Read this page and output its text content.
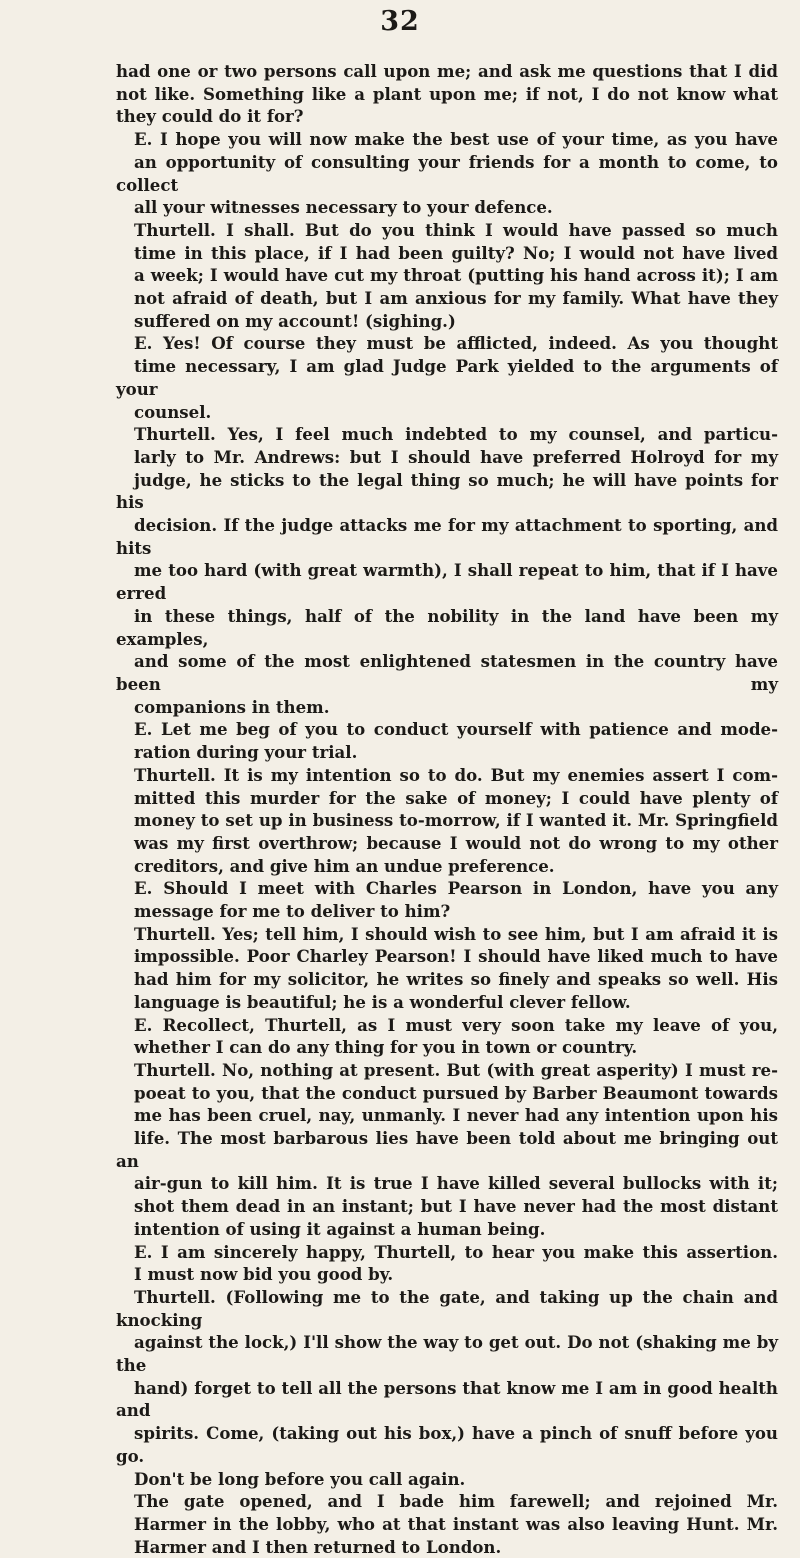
32

had one or two persons call upon me; and ask me questions that I did
not like. Something like a plant upon me; if not, I do not know what
they could do it for?

E. I hope you will now make the best use of your time, as you have
an opportunity of consulting your friends for a month to come, to collect
all your witnesses necessary to your defence.

Thurtell. I shall. But do you think I would have passed so much
time in this place, if I had been guilty? No; I would not have lived
a week; I would have cut my throat (putting his hand across it); I am
not afraid of death, but I am anxious for my family. What have they
suffered on my account! (sighing.)

E. Yes! Of course they must be afflicted, indeed. As you thought
time necessary, I am glad Judge Park yielded to the arguments of your
counsel.

Thurtell. Yes, I feel much indebted to my counsel, and particu-
larly to Mr. Andrews: but I should have preferred Holroyd for my
judge, he sticks to the legal thing so much; he will have points for his
decision. If the judge attacks me for my attachment to sporting, and hits
me too hard (with great warmth), I shall repeat to him, that if I have erred
in these things, half of the nobility in the land have been my examples,
and some of the most enlightened statesmen in the country have been my
companions in them.

E. Let me beg of you to conduct yourself with patience and mode-
ration during your trial.

Thurtell. It is my intention so to do. But my enemies assert I com-
mitted this murder for the sake of money; I could have plenty of
money to set up in business to-morrow, if I wanted it. Mr. Springfield
was my first overthrow; because I would not do wrong to my other
creditors, and give him an undue preference.

E. Should I meet with Charles Pearson in London, have you any
message for me to deliver to him?

Thurtell. Yes; tell him, I should wish to see him, but I am afraid it is
impossible. Poor Charley Pearson! I should have liked much to have
had him for my solicitor, he writes so finely and speaks so well. His
language is beautiful; he is a wonderful clever fellow.

E. Recollect, Thurtell, as I must very soon take my leave of you,
whether I can do any thing for you in town or country.

Thurtell. No, nothing at present. But (with great asperity) I must re-
poeat to you, that the conduct pursued by Barber Beaumont towards
me has been cruel, nay, unmanly. I never had any intention upon his
life. The most barbarous lies have been told about me bringing out an
air-gun to kill him. It is true I have killed several bullocks with it;
shot them dead in an instant; but I have never had the most distant
intention of using it against a human being.

E. I am sincerely happy, Thurtell, to hear you make this assertion.
I must now bid you good by.

Thurtell. (Following me to the gate, and taking up the chain and knocking
against the lock,) I'll show the way to get out. Do not (shaking me by the
hand) forget to tell all the persons that know me I am in good health and
spirits. Come, (taking out his box,) have a pinch of snuff before you go.
Don't be long before you call again.

The gate opened, and I bade him farewell; and rejoined Mr.
Harmer in the lobby, who at that instant was also leaving Hunt. Mr.
Harmer and I then returned to London.
